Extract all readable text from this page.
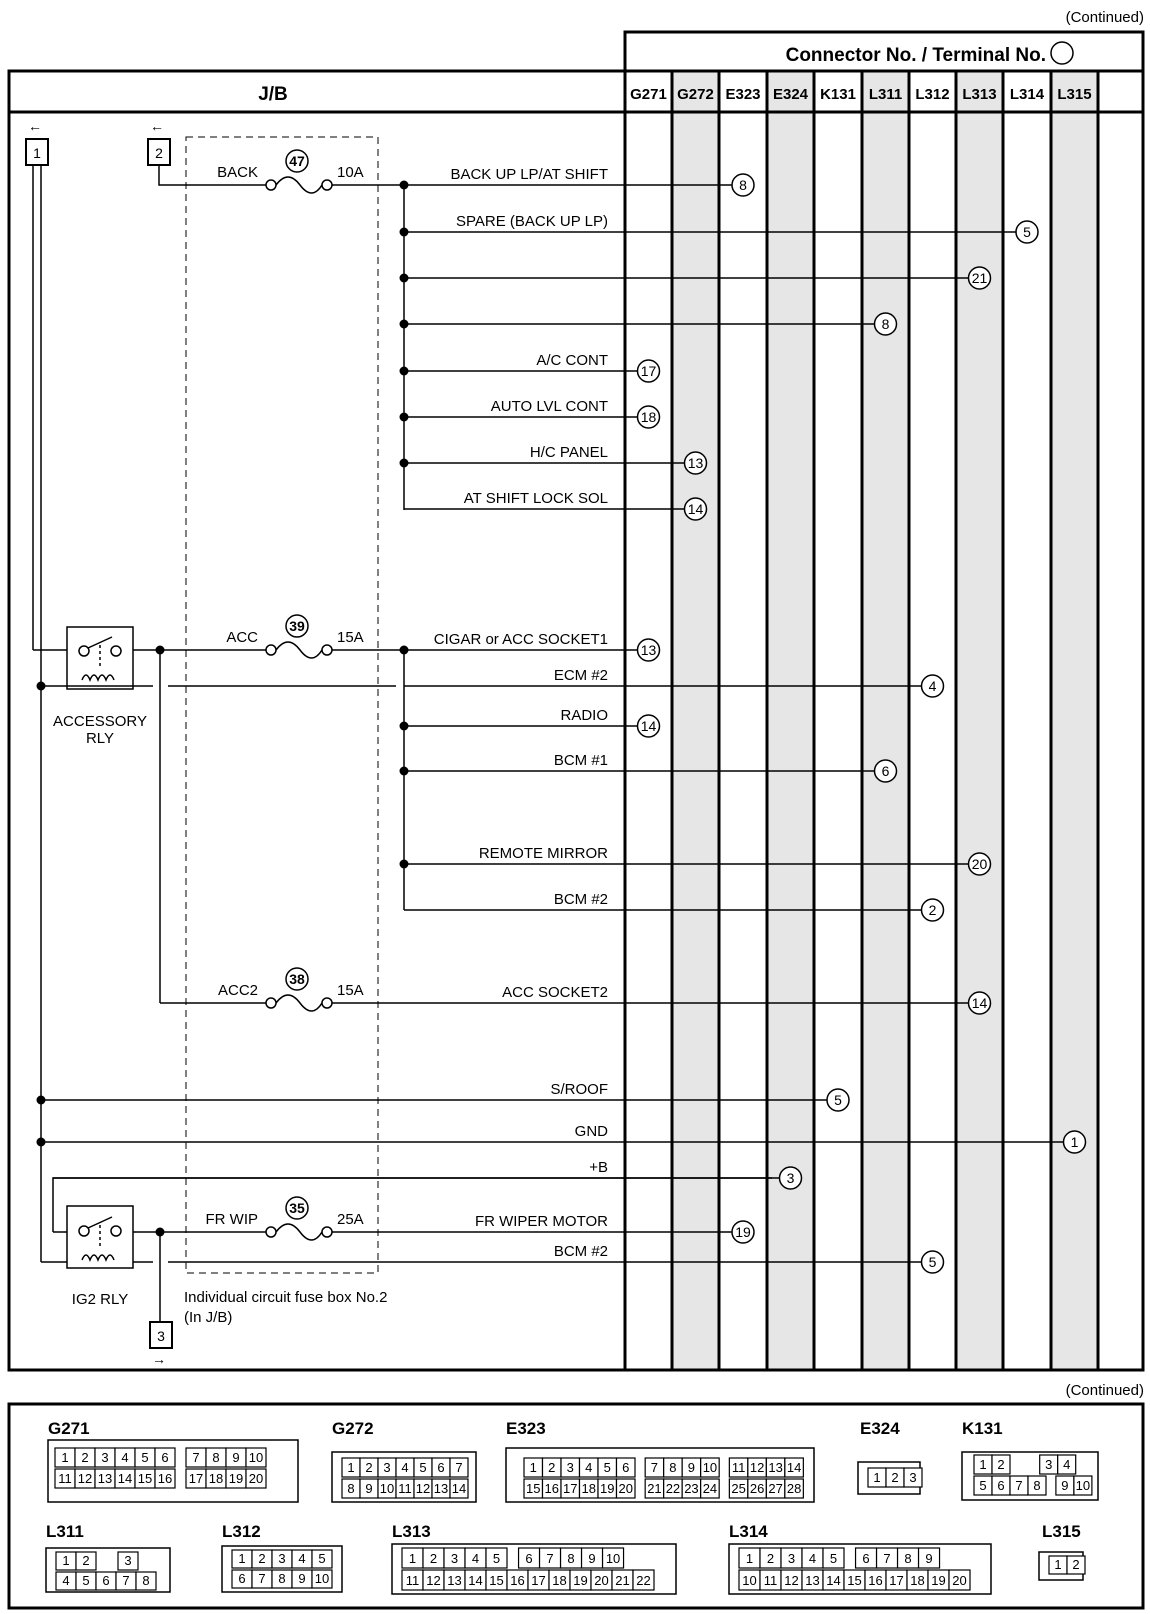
(Continued)
J/B
Connector No. / Terminal No.
G271 G272 E323 E324 K131 L311 L312 L313 L314 L315
←
1
←
2
3
→
Individual circuit fuse box No.2
(In J/B)
ACCESSORY
RLY
IG2 RLY
47
BACK	10A
39
ACC	15A
38
ACC2	15A
35
FR WIP	25A
8
BACK UP LP/AT SHIFT
5
SPARE (BACK UP LP)
21
8
17
A/C CONT
18
AUTO LVL CONT
13
H/C PANEL
14
AT SHIFT LOCK SOL
13
CIGAR or ACC SOCKET1
4
ECM #2
14
RADIO
6
BCM #1
20
REMOTE MIRROR
2
BCM #2
14
ACC SOCKET2
5
S/ROOF
1
GND
3
+B
19
FR WIPER MOTOR
5
BCM #2
(Continued)
G271
1 2 3 4 5 6 7 8 9 10
11 12 13 14 15 16 17 18 19 20
G272
1 2 3 4 5 6 7
8 9 10 11 12 13 14
E323
1 2 3 4 5 6 7 8 9 10 11 12 13 14
15 16 17 18 19 20 21 22 23 24 25 26 27 28
E324
1 2 3
K131
1 2	3 4
5 6 7 8 9 10
L311
1 2	3
4 5 6 7 8
L312
1 2 3 4 5
6 7 8 9 10
L313
1 2 3 4 5 6 7 8 9 10
11 12 13 14 15 16 17 18 19 20 21 22
L314
1 2 3 4 5 6 7 8 9
10 11 12 13 14 15 16 17 18 19 20
L315
1 2
